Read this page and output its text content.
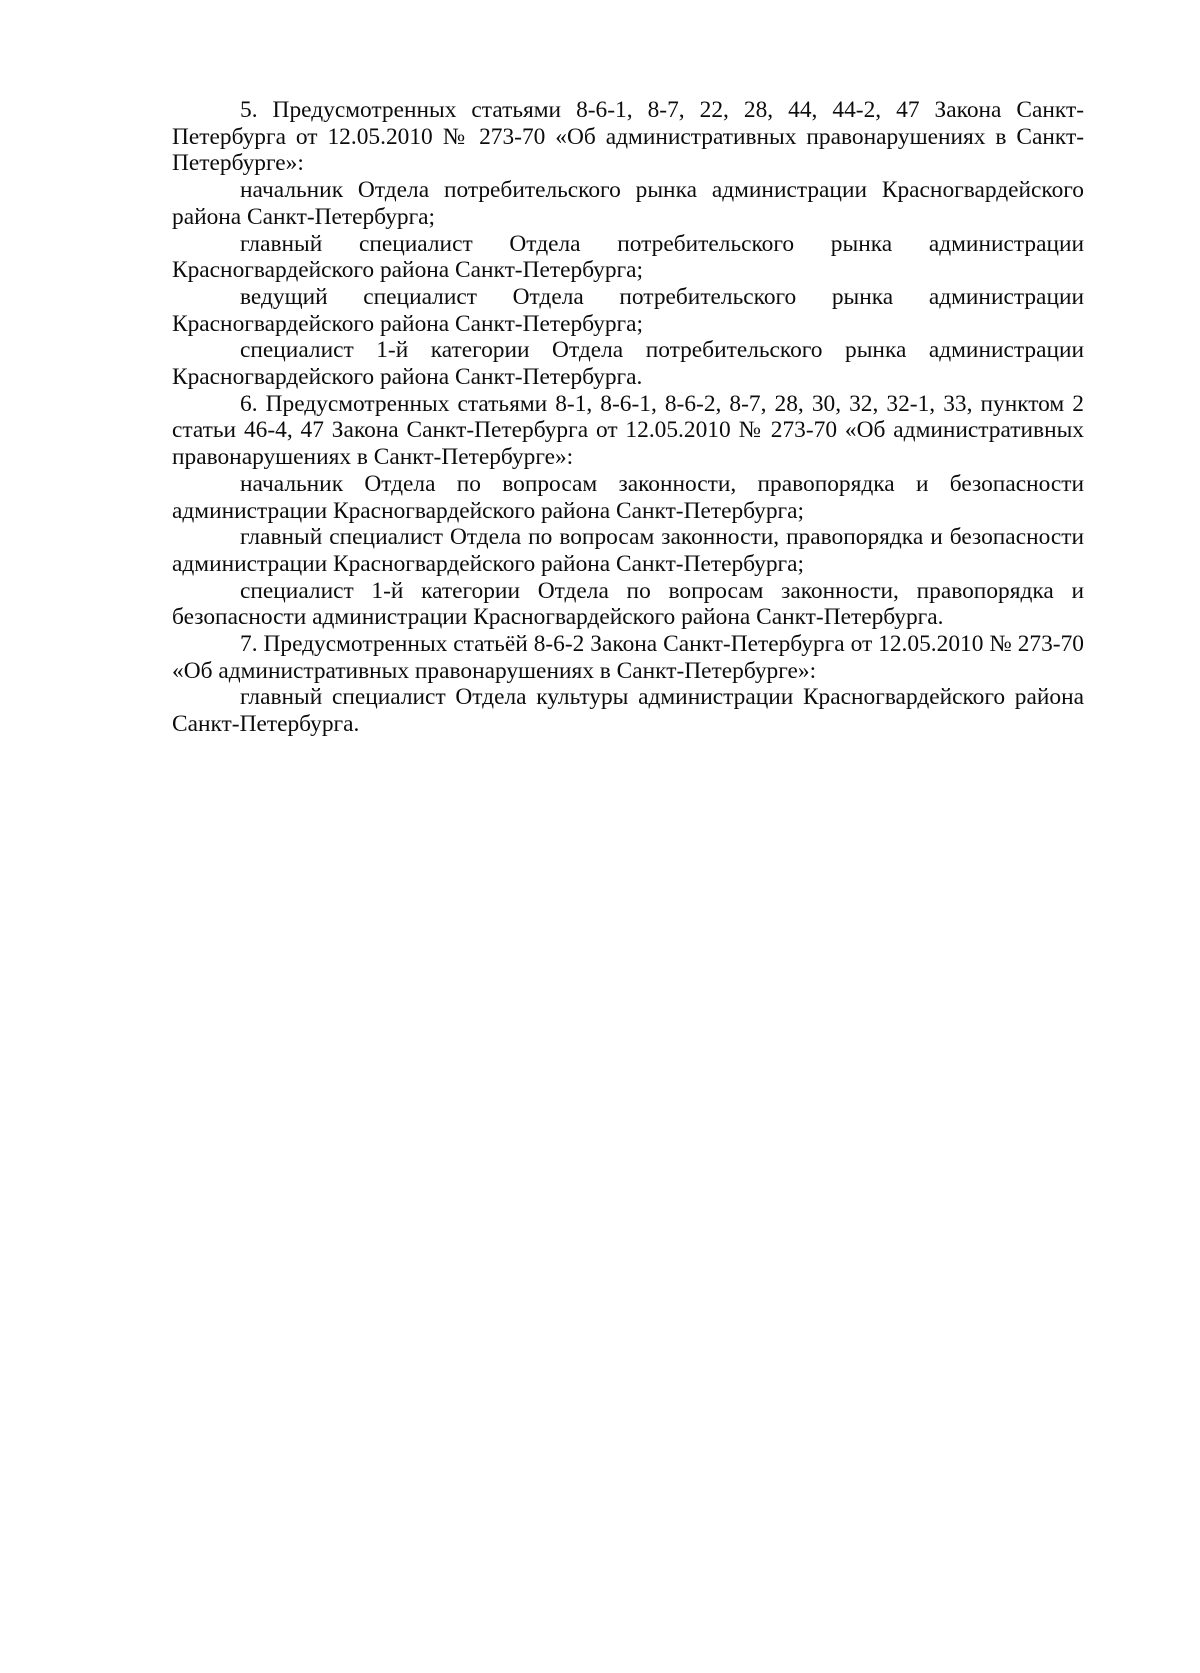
5. Предусмотренных статьями 8-6-1, 8-7, 22, 28, 44, 44-2, 47 Закона Санкт-Петербурга от 12.05.2010 № 273-70 «Об административных правонарушениях в Санкт-Петербурге»:

начальник Отдела потребительского рынка администрации Красногвардейского района Санкт-Петербурга;

главный специалист Отдела потребительского рынка администрации Красногвардейского района Санкт-Петербурга;

ведущий специалист Отдела потребительского рынка администрации Красногвардейского района Санкт-Петербурга;

специалист 1-й категории Отдела потребительского рынка администрации Красногвардейского района Санкт-Петербурга.

6. Предусмотренных статьями 8-1, 8-6-1, 8-6-2, 8-7, 28, 30, 32, 32-1, 33, пунктом 2 статьи 46-4, 47 Закона Санкт-Петербурга от 12.05.2010 № 273-70 «Об административных правонарушениях в Санкт-Петербурге»:

начальник Отдела по вопросам законности, правопорядка и безопасности администрации Красногвардейского района Санкт-Петербурга;

главный специалист Отдела по вопросам законности, правопорядка и безопасности администрации Красногвардейского района Санкт-Петербурга;

специалист 1-й категории Отдела по вопросам законности, правопорядка и безопасности администрации Красногвардейского района Санкт-Петербурга.

7. Предусмотренных статьёй 8-6-2 Закона Санкт-Петербурга от 12.05.2010 № 273-70 «Об административных правонарушениях в Санкт-Петербурге»:

главный специалист Отдела культуры администрации Красногвардейского района Санкт-Петербурга.
